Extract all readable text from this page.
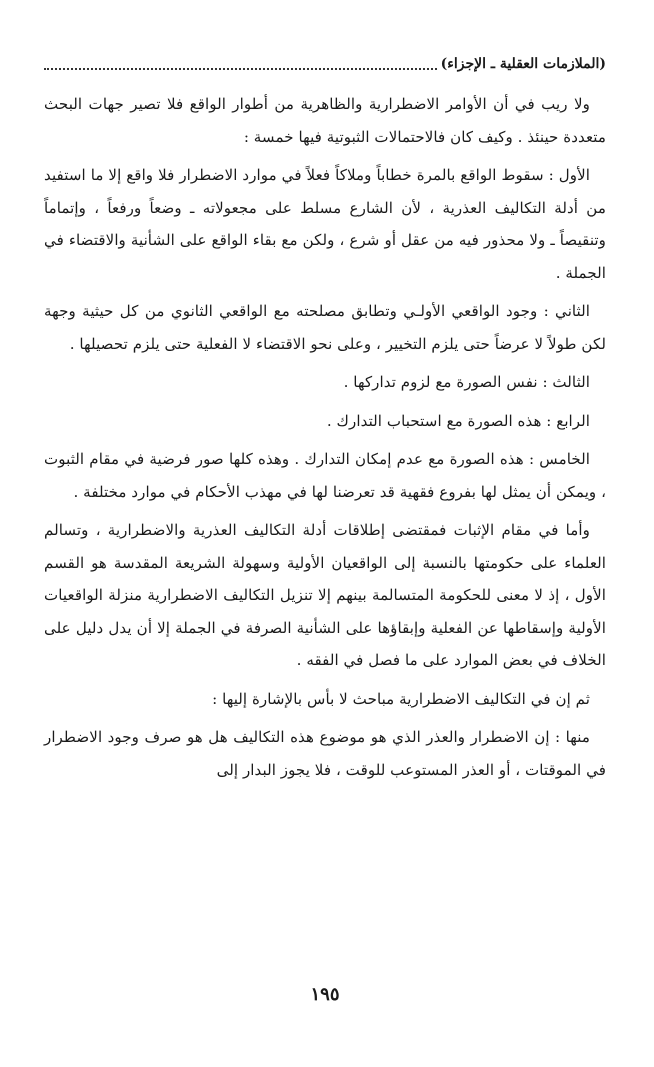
(الملازمات العقلية ـ الإجزاء)

ولا ريب في أن الأوامر الاضطرارية والظاهرية من أطوار الواقع فلا تصير جهات البحث متعددة حينئذ . وكيف كان فالاحتمالات الثبوتية فيها خمسة :

الأول : سقوط الواقع بالمرة خطاباً وملاكاً فعلاً في موارد الاضطرار فلا واقع إلا ما استفيد من أدلة التكاليف العذرية ، لأن الشارع مسلط على مجعولاته ـ وضعاً ورفعاً ، وإتماماً وتنقيصاً ـ ولا محذور فيه من عقل أو شرع ، ولكن مع بقاء الواقع على الشأنية والاقتضاء في الجملة .

الثاني : وجود الواقعي الأولـي وتطابق مصلحته مع الواقعي الثانوي من كل حيثية وجهة لكن طولاً لا عرضاً حتى يلزم التخيير ، وعلى نحو الاقتضاء لا الفعلية حتى يلزم تحصيلها .

الثالث : نفس الصورة مع لزوم تداركها .

الرابع : هذه الصورة مع استحباب التدارك .

الخامس : هذه الصورة مع عدم إمكان التدارك . وهذه كلها صور فرضية في مقام الثبوت ، ويمكن أن يمثل لها بفروع فقهية قد تعرضنا لها في مهذب الأحكام في موارد مختلفة .

وأما في مقام الإثبات فمقتضى إطلاقات أدلة التكاليف العذرية والاضطرارية ، وتسالم العلماء على حكومتها بالنسبة إلى الواقعيان الأولية وسهولة الشريعة المقدسة هو القسم الأول ، إذ لا معنى للحكومة المتسالمة بينهم إلا تنزيل التكاليف الاضطرارية منزلة الواقعيات الأولية وإسقاطها عن الفعلية وإبقاؤها على الشأنية الصرفة في الجملة إلا أن يدل دليل على الخلاف في بعض الموارد على ما فصل في الفقه .

ثم إن في التكاليف الاضطرارية مباحث لا بأس بالإشارة إليها :

منها : إن الاضطرار والعذر الذي هو موضوع هذه التكاليف هل هو صرف وجود الاضطرار في الموقتات ، أو العذر المستوعب للوقت ، فلا يجوز البدار إلى

١٩٥
